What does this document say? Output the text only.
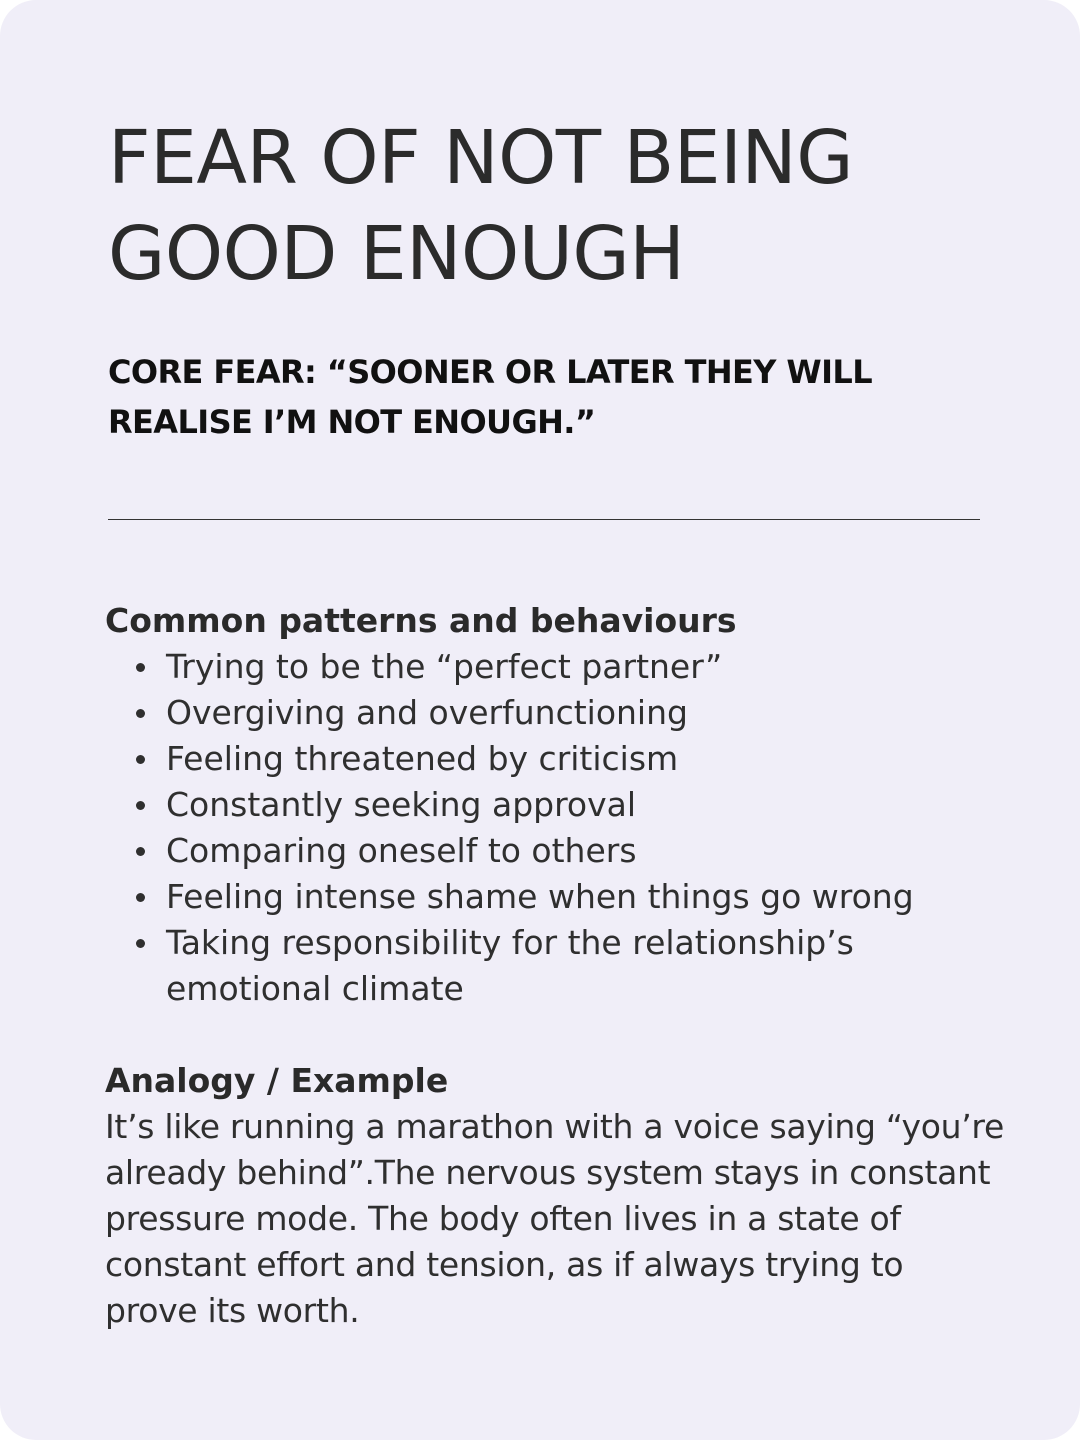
FEAR OF NOT BEING GOOD ENOUGH

CORE FEAR: “SOONER OR LATER THEY WILL REALISE I’M NOT ENOUGH.”

Common patterns and behaviours
Trying to be the “perfect partner”
Overgiving and overfunctioning
Feeling threatened by criticism
Constantly seeking approval
Comparing oneself to others
Feeling intense shame when things go wrong
Taking responsibility for the relationship’s emotional climate
Analogy / Example

It’s like running a marathon with a voice saying “you’re already behind”.The nervous system stays in constant pressure mode. The body often lives in a state of constant effort and tension, as if always trying to prove its worth.
